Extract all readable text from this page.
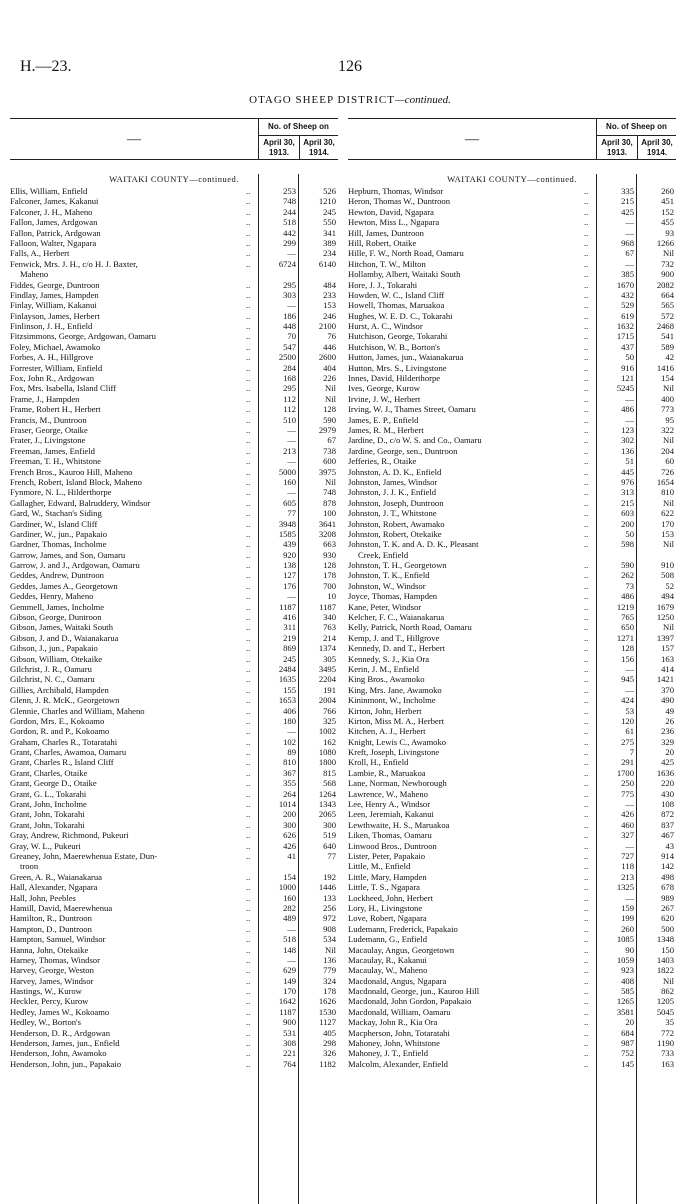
H.—23.	126
OTAGO SHEEP DISTRICT—continued.
—
No. of Sheep on
April 30, 1913.
April 30, 1914.
WAITAKI COUNTY—continued.
Ellis, William, Enfield	..	253	526
Falconer, James, Kakanui	..	748	1210
Falconer, J. H., Maheno	..	244	245
Fallon, James, Ardgowan	..	518	550
Fallon, Patrick, Ardgowan	..	442	341
Falloon, Walter, Ngapara	..	299	389
Falls, A., Herbert	..	—	234
Fenwick, Mrs. J. H., c/o H. J. Baxter,	..	6724	6140
Maheno
Fiddes, George, Duntroon	..	295	484
Findlay, James, Hampden	..	303	233
Finlay, William, Kakanui	..	—	153
Finlayson, James, Herbert	..	186	246
Finlinson, J. H., Enfield	..	448	2100
Fitzsimmons, George, Ardgowan, Oamaru	..	70	76
Foley, Michael, Awamoko	..	547	446
Forbes, A. H., Hillgrove	..	2500	2600
Forrester, William, Enfield	..	284	404
Fox, John R., Ardgowan	..	168	226
Fox, Mrs. Isabella, Island Cliff	..	295	Nil
Frame, J., Hampden	..	112	Nil
Frame, Robert H., Herbert	..	112	128
Francis, M., Duntroon	..	510	590
Fraser, George, Otaike	..	—	2979
Frater, J., Livingstone	..	—	67
Freeman, James, Enfield	..	213	738
Freeman, T. H., Whitstone	..	—	600
French Bros., Kauroo Hill, Maheno	..	5000	3975
French, Robert, Island Block, Maheno	..	160	Nil
Fynmore, N. L., Hilderthorpe	..	—	748
Gallagher, Edward, Balruddery, Windsor	..	605	878
Gard, W., Stachan's Siding	..	77	100
Gardiner, W., Island Cliff	..	3948	3641
Gardiner, W., jun., Papakaio	..	1585	3208
Gardner, Thomas, Incholme	..	439	663
Garrow, James, and Son, Oamaru	..	920	930
Garrow, J. and J., Ardgowan, Oamaru	..	138	128
Geddes, Andrew, Duntroon	..	127	178
Geddes, James A., Georgetown	..	176	700
Geddes, Henry, Maheno	..	—	10
Gemmell, James, Incholme	..	1187	1187
Gibson, George, Duntroon	..	416	340
Gibson, James, Waitaki South	..	311	763
Gibson, J. and D., Waianakarua	..	219	214
Gibson, J., jun., Papakaio	..	869	1374
Gibson, William, Otekaike	..	245	305
Gilchrist, J. R., Oamaru	..	2484	3495
Gilchrist, N. C., Oamaru	..	1635	2204
Gillies, Archibald, Hampden	..	155	191
Glenn, J. R. McK., Georgetown	..	1653	2004
Glennie, Charles and William, Maheno	..	406	766
Gordon, Mrs. E., Kokoamo	..	180	325
Gordon, R. and P., Kokoamo	..	—	1002
Graham, Charles R., Totaratahi	..	102	162
Grant, Charles, Awamoa, Oamaru	..	89	1080
Grant, Charles R., Island Cliff	..	810	1800
Grant, Charles, Otaike	..	367	815
Grant, George D., Otaike	..	355	568
Grant, G. L., Tokarahi	..	264	1264
Grant, John, Incholme	..	1014	1343
Grant, John, Tokarahi	..	200	2065
Grant, John, Tokarahi	..	300	300
Gray, Andrew, Richmond, Pukeuri	..	626	519
Gray, W. L., Pukeuri	..	426	640
Greaney, John, Maerewhenua Estate, Dun-	..	41	77
troon
Green, A. R., Waianakarua	..	154	192
Hall, Alexander, Ngapara	..	1000	1446
Hall, John, Peebles	..	160	133
Hamill, David, Maerewhenua	..	282	256
Hamilton, R., Duntroon	..	489	972
Hampton, D., Duntroon	..	—	908
Hampton, Samuel, Windsor	..	518	534
Hanna, John, Otekaike	..	148	Nil
Harney, Thomas, Windsor	..	—	136
Harvey, George, Weston	..	629	779
Harvey, James, Windsor	..	149	324
Hastings, W., Kurow	..	170	178
Heckler, Percy, Kurow	..	1642	1626
Hedley, James W., Kokoamo	..	1187	1530
Hedley, W., Borton's	..	900	1127
Henderson, D. R., Ardgowan	..	531	405
Henderson, James, jun., Enfield	..	308	298
Henderson, John, Awamoko	..	221	326
Henderson, John, jun., Papakaio	..	764	1182
—
No. of Sheep on
April 30, 1913.
April 30, 1914.
WAITAKI COUNTY—continued.
Hepburn, Thomas, Windsor	..	335	260
Heron, Thomas W., Duntroon	..	215	451
Hewton, David, Ngapara	..	425	152
Hewton, Miss L., Ngapara	..	—	455
Hill, James, Duntroon	..	—	93
Hill, Robert, Otaike	..	968	1266
Hille, F. W., North Road, Oamaru	..	67	Nil
Hitchon, T. W., Milton	..	—	732
Hollamby, Albert, Waitaki South	..	385	900
Hore, J. J., Tokarahi	..	1670	2082
Howden, W. C., Island Cliff	..	432	664
Howell, Thomas, Maruakoa	..	529	565
Hughes, W. E. D. C., Tokarahi	..	619	572
Hurst, A. C., Windsor	..	1632	2468
Hutchison, George, Tokarahi	..	1715	541
Hutchison, W. B., Borton's	..	437	589
Hutton, James, jun., Waianakarua	..	50	42
Hutton, Mrs. S., Livingstone	..	916	1416
Innes, David, Hilderthorpe	..	121	154
Ives, George, Kurow	..	5245	Nil
Irvine, J. W., Herbert	..	—	400
Irving, W. J., Thames Street, Oamaru	..	486	773
James, E. P., Enfield	..	—	95
James, R. M., Herbert	..	123	322
Jardine, D., c/o W. S. and Co., Oamaru	..	302	Nil
Jardine, George, sen., Duntroon	..	136	204
Jefferies, R., Otaike	..	51	60
Johnston, A. D. K., Enfield	..	445	726
Johnston, James, Windsor	..	976	1654
Johnston, J. J. K., Enfield	..	313	810
Johnston, Joseph, Duntroon	..	215	Nil
Johnston, J. T., Whitstone	..	603	622
Johnston, Robert, Awamako	..	200	170
Johnston, Robert, Otekaike	..	50	153
Johnston, T. K. and A. D. K., Pleasant	..	598	Nil
Creek, Enfield
Johnston, T. H., Georgetown	..	590	910
Johnston, T. K., Enfield	..	262	508
Johnston, W., Windsor	..	73	52
Joyce, Thomas, Hampden	..	486	494
Kane, Peter, Windsor	..	1219	1679
Kelcher, F. C., Waianakarua	..	765	1250
Kelly, Patrick, North Road, Oamaru	..	650	Nil
Kemp, J. and T., Hillgrove	..	1271	1397
Kennedy, D. and T., Herbert	..	128	157
Kennedy, S. J., Kia Ora	..	156	163
Kerin, J. M., Enfield	..	—	414
King Bros., Awamoko	..	945	1421
King, Mrs. Jane, Awamoko	..	—	370
Kininmont, W., Incholme	..	424	490
Kirton, John, Herbert	..	53	49
Kirton, Miss M. A., Herbert	..	120	26
Kitchen, A. J., Herbert	..	61	236
Knight, Lewis C., Awamoko	..	275	329
Kreft, Joseph, Livingstone	..	7	20
Kroll, H., Enfield	..	291	425
Lambie, R., Maruakoa	..	1700	1636
Lane, Norman, Newborough	..	250	220
Lawrence, W., Maheno	..	775	430
Lee, Henry A., Windsor	..	—	108
Leen, Jeremiah, Kakanui	..	426	872
Lewthwaite, H. S., Maruakoa	..	460	837
Liken, Thomas, Oamaru	..	327	467
Linwood Bros., Duntroon	..	—	43
Lister, Peter, Papakaio	..	727	914
Little, M., Enfield	..	118	142
Little, Mary, Hampden	..	213	498
Little, T. S., Ngapara	..	1325	678
Lockheed, John, Herbert	..	—	989
Lory, H., Livingstone	..	159	267
Love, Robert, Ngapara	..	199	620
Ludemann, Frederick, Papakaio	..	260	500
Ludemann, G., Enfield	..	1085	1348
Macaulay, Angus, Georgetown	..	90	150
Macaulay, R., Kakanui	..	1059	1403
Macaulay, W., Maheno	..	923	1822
Macdonald, Angus, Ngapara	..	408	Nil
Macdonald, George, jun., Kauroo Hill	..	585	862
Macdonald, John Gordon, Papakaio	..	1265	1205
Macdonald, William, Oamaru	..	3581	5045
Mackay, John R., Kia Ora	..	20	35
Macpherson, John, Totaratahi	..	684	772
Mahoney, John, Whitstone	..	987	1190
Mahoney, J. T., Enfield	..	752	733
Malcolm, Alexander, Enfield	..	145	163
